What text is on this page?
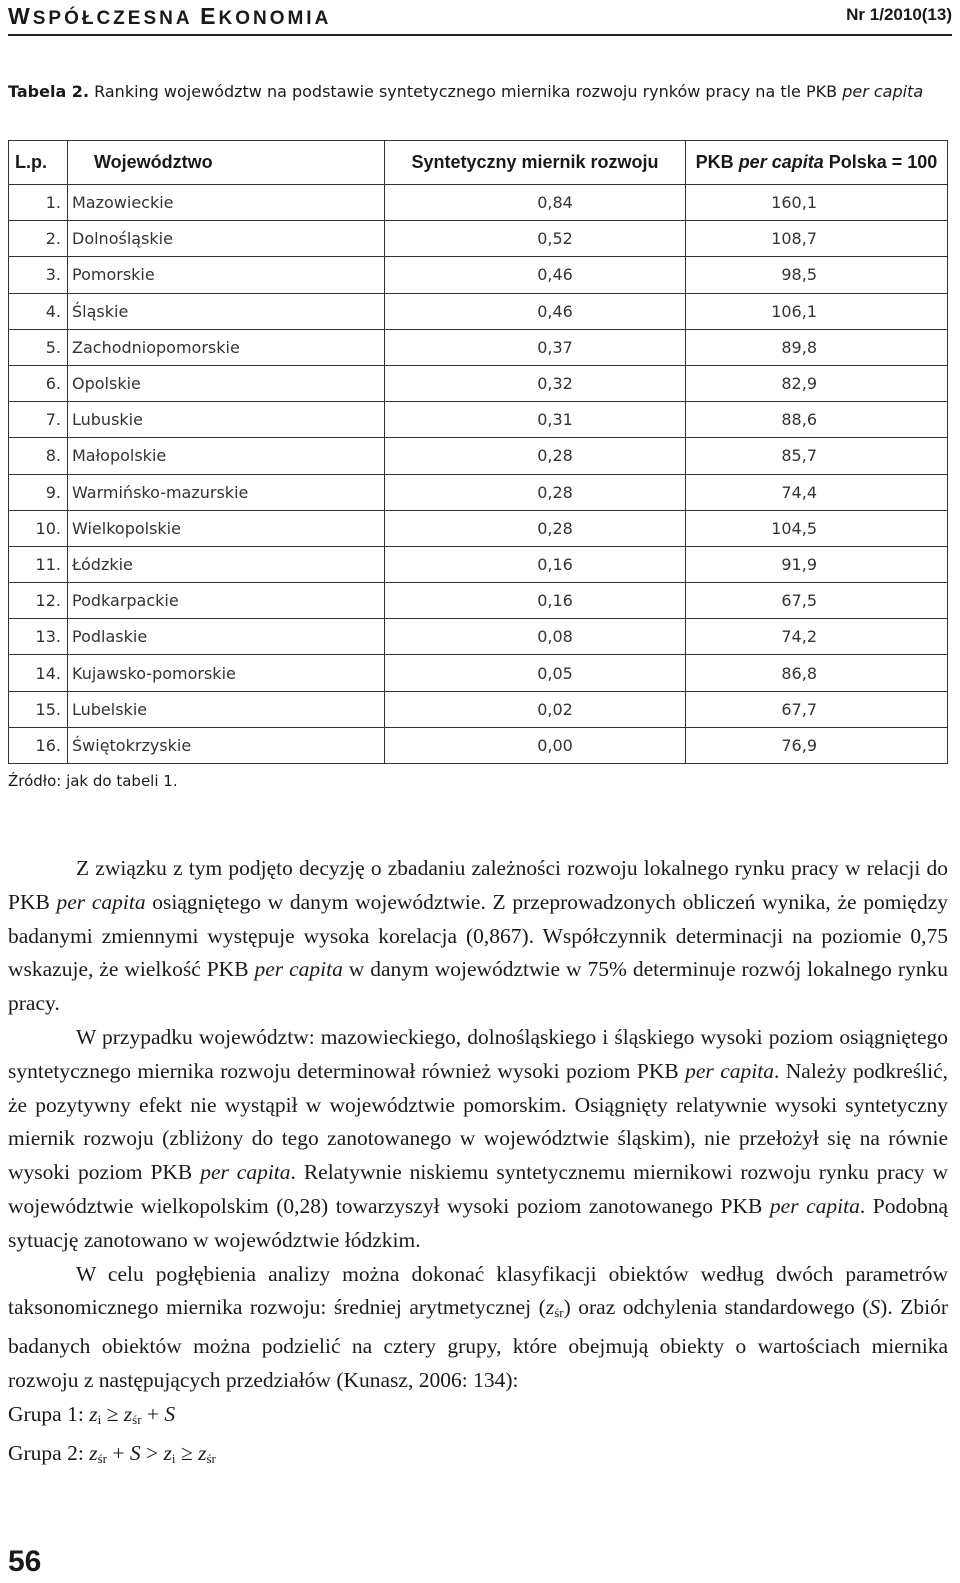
WSPÓŁCZESNA EKONOMIA	Nr 1/2010(13)
Tabela 2. Ranking województw na podstawie syntetycznego miernika rozwoju rynków pracy na tle PKB per capita
L.p.	Województwo	Syntetyczny miernik rozwoju	PKB per capita Polska = 100
1.	Mazowieckie	0,84	160,1
2.	Dolnośląskie	0,52	108,7
3.	Pomorskie	0,46	98,5
4.	Śląskie	0,46	106,1
5.	Zachodniopomorskie	0,37	89,8
6.	Opolskie	0,32	82,9
7.	Lubuskie	0,31	88,6
8.	Małopolskie	0,28	85,7
9.	Warmińsko-mazurskie	0,28	74,4
10.	Wielkopolskie	0,28	104,5
11.	Łódzkie	0,16	91,9
12.	Podkarpackie	0,16	67,5
13.	Podlaskie	0,08	74,2
14.	Kujawsko-pomorskie	0,05	86,8
15.	Lubelskie	0,02	67,7
16.	Świętokrzyskie	0,00	76,9
Źródło: jak do tabeli 1.

Z związku z tym podjęto decyzję o zbadaniu zależności rozwoju lokalnego rynku pracy w relacji do PKB per capita osiągniętego w danym województwie. Z przeprowadzonych obliczeń wynika, że pomiędzy badanymi zmiennymi występuje wysoka korelacja (0,867). Współczynnik determinacji na poziomie 0,75 wskazuje, że wielkość PKB per capita w danym województwie w 75% determinuje rozwój lokalnego rynku pracy.

W przypadku województw: mazowieckiego, dolnośląskiego i śląskiego wysoki poziom osiągniętego syntetycznego miernika rozwoju determinował również wysoki poziom PKB per capita. Należy podkreślić, że pozytywny efekt nie wystąpił w województwie pomorskim. Osiągnięty relatywnie wysoki syntetyczny miernik rozwoju (zbliżony do tego zanotowanego w województwie śląskim), nie przełożył się na równie wysoki poziom PKB per capita. Relatywnie niskiemu syntetycznemu miernikowi rozwoju rynku pracy w województwie wielkopolskim (0,28) towarzyszył wysoki poziom zanotowanego PKB per capita. Podobną sytuację zanotowano w województwie łódzkim.

W celu pogłębienia analizy można dokonać klasyfikacji obiektów według dwóch parametrów taksonomicznego miernika rozwoju: średniej arytmetycznej $(z_{śr})$ oraz odchylenia standardowego (S). Zbiór badanych obiektów można podzielić na cztery grupy, które obejmują obiekty o wartościach miernika rozwoju z następujących przedziałów (Kunasz, 2006: 134):

Grupa 1: $z_i \ge z_{śr} + S$

Grupa 2: $z_{śr} + S > z_i \ge z_{śr}$

56
